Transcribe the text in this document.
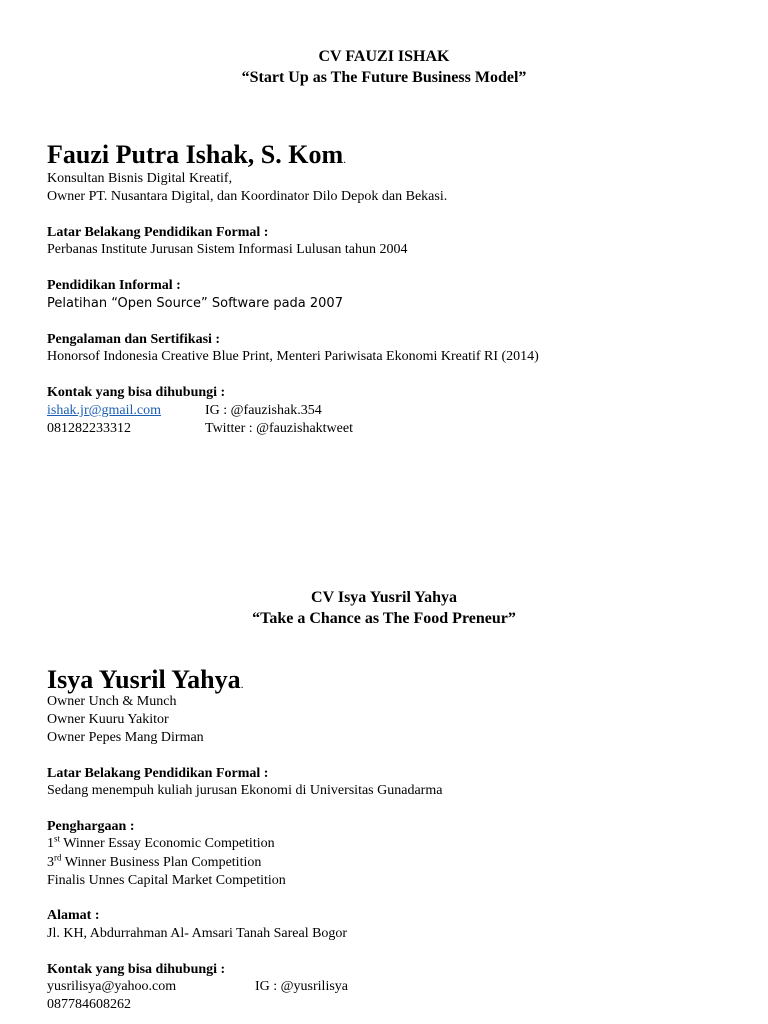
CV FAUZI ISHAK
“Start Up as The Future Business Model”
Fauzi Putra Ishak, S. Kom.
Konsultan Bisnis Digital Kreatif,
Owner PT. Nusantara Digital, dan Koordinator Dilo Depok dan Bekasi.
Latar Belakang Pendidikan Formal :
Perbanas Institute Jurusan Sistem Informasi Lulusan tahun 2004
Pendidikan Informal :
Pelatihan “Open Source” Software pada 2007
Pengalaman dan Sertifikasi :
Honorsof Indonesia Creative Blue Print, Menteri Pariwisata Ekonomi Kreatif RI (2014)
Kontak yang bisa dihubungi :
ishak.jr@gmail.com	IG : @fauzishak.354
081282233312	Twitter : @fauzishaktweet
CV Isya Yusril Yahya
“Take a Chance as The Food Preneur”
Isya Yusril Yahya.
Owner Unch & Munch
Owner Kuuru Yakitor
Owner Pepes Mang Dirman
Latar Belakang Pendidikan Formal :
Sedang menempuh kuliah jurusan Ekonomi di Universitas Gunadarma
Penghargaan :
1st Winner Essay Economic Competition
3rd Winner Business Plan Competition
Finalis Unnes Capital Market Competition
Alamat :
Jl. KH, Abdurrahman Al- Amsari Tanah Sareal Bogor
Kontak yang bisa dihubungi :
yusrilisya@yahoo.com	IG : @yusrilisya
087784608262
